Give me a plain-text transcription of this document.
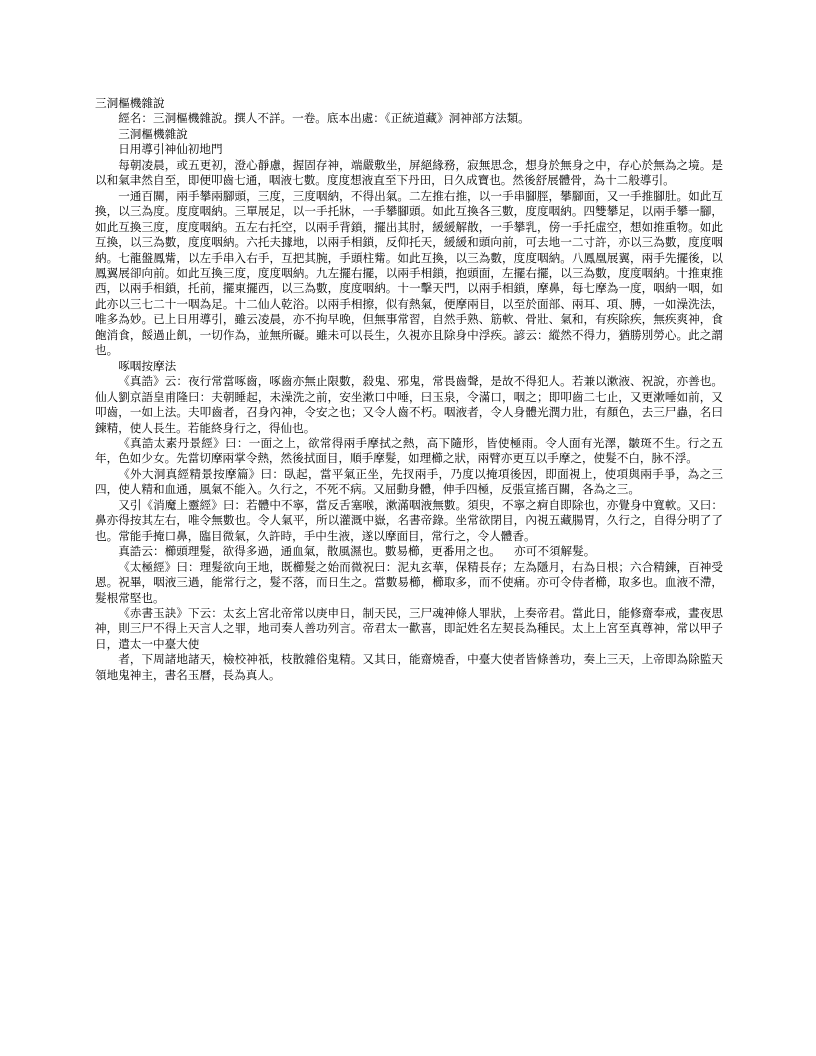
三洞樞機雜說

經名：三洞樞機雜說。撰人不詳。一卷。底本出處：《正統道藏》洞神部方法類。

三洞樞機雜說

日用導引神仙初地門

每朝凌晨，或五更初，澄心靜慮，握固存神，端嚴敷坐，屏絕緣務，寂無思念，想身於無身之中，存心於無為之境。是以和氣聿然自至，即便叩齒七通，咽液七數。度度想液直至下丹田，日久成寶也。然後舒展體骨，為十二般導引。

一通百關，兩手攀兩腳頭，三度，三度咽納，不得出氣。二左推右推，以一手串腳脛，攀腳面，又一手推腳肚。如此互換，以三為度。度度咽納。三單展足，以一手托牀，一手攀腳頭。如此互換各三數，度度咽納。四雙攀足，以兩手攀一腳，如此互換三度，度度咽納。五左右托空，以兩手背鎖，擺出其肘，緩緩解散，一手攀乳，傍一手托虛空，想如推重物。如此互換，以三為數，度度咽納。六托夫據地，以兩手相鎖，反仰托天，緩緩和頭向前，可去地一二寸許，亦以三為數，度度咽納。七龍盤鳳觜，以左手串入右手，互把其腕，手頭柱觜。如此互換，以三為數，度度咽納。八鳳凰展翼，兩手先擺後，以鳳翼展卻向前。如此互換三度，度度咽納。九左擺右擺，以兩手相鎖，抱頭面，左擺右擺，以三為數，度度咽納。十推東推西，以兩手相鎖，托前，擺東擺西，以三為數，度度咽納。十一擊天門，以兩手相鎖，摩鼻，每七摩為一度，咽納一咽，如此亦以三七二十一咽為足。十二仙人乾浴。以兩手相擦，似有熱氣，便摩兩目，以至於面部、兩耳、項、膊，一如澡洗法，唯多為妙。已上日用導引，雖云凌晨，亦不拘早晚，但無事常習，自然手熟、筋軟、骨壯、氣和，有疾除疾，無疾爽神，食飽消食，餒過止飢，一切作為，並無所礙。雖未可以長生，久視亦且除身中浮疾。諺云：縱然不得力，猶勝別勞心。此之謂也。

啄咽按摩法

《真誥》云：夜行常當啄齒，啄齒亦無止限數，殺鬼、邪鬼，常畏齒聲，是故不得犯人。若兼以漱液、祝說，亦善也。仙人劉京語皇甫隆曰：夫朝睡起，未澡洗之前，安坐漱口中唾，曰玉泉，令滿口，咽之；即叩齒二七止，又更漱唾如前，又叩齒，一如上法。夫叩齒者，召身內神，令安之也；又令人齒不朽。咽液者，令人身體光潤力壯，有顏色，去三尸蟲，名曰鍊精，使人長生。若能終身行之，得仙也。

《真誥太素丹景經》曰：一面之上，欲常得兩手摩拭之熱，高下隨形，皆使極雨。令人面有光澤，皺斑不生。行之五年，色如少女。先當切摩兩掌令熱，然後拭面目，順手摩髮，如理櫛之狀，兩臂亦更互以手摩之，使髮不白，脉不浮。

《外大洞真經精景按摩篇》曰：臥起，當平氣正坐，先扠兩手，乃度以掩項後因，即面視上，使項與兩手爭，為之三四，使人精和血通，風氣不能入。久行之，不死不病。又屈動身體，伸手四極，反張宣搖百關，各為之三。

又引《消魔上靈經》曰：若體中不寧，當反舌塞喉，漱滿咽液無數。須臾，不寧之痾自即除也，亦覺身中寬軟。又曰：鼻亦得按其左右，唯令無數也。令人氣平，所以灌溉中嶽，名書帝錄。坐常欲閉目，內視五藏腸胃，久行之，自得分明了了也。常能手掩口鼻，臨目微氣，久許時，手中生液，遂以摩面目，常行之，令人體香。

真誥云：櫛頭理髮，欲得多過，通血氣，散風濕也。數易櫛，更番用之也。 亦可不須解髮。

《太極經》曰：理髮欲向王地，既櫛髮之始而微祝曰：泥丸玄華，保精長存；左為隱月，右為日根；六合精鍊，百神受恩。祝畢，咽液三過，能常行之，髮不落，而日生之。當數易櫛，櫛取多，而不使痛。亦可令侍者櫛，取多也。血液不滯，髮根常堅也。

《赤書玉訣》下云：太玄上宮北帝常以庚申日，制天民，三尸魂神條人罪狀，上奏帝君。當此日，能修齋奉戒，晝夜思神，則三尸不得上天言人之罪，地司奏人善功列言。帝君太一歡喜，即記姓名左契長為種民。太上上宮至真尊神，常以甲子日，遣太一中臺大使

者，下周諸地諸天，檢校神祇，枝散雜俗鬼精。又其日，能齋燒香，中臺大使者皆條善功，奏上三天，上帝即為除監天領地鬼神主，書名玉曆，長為真人。
